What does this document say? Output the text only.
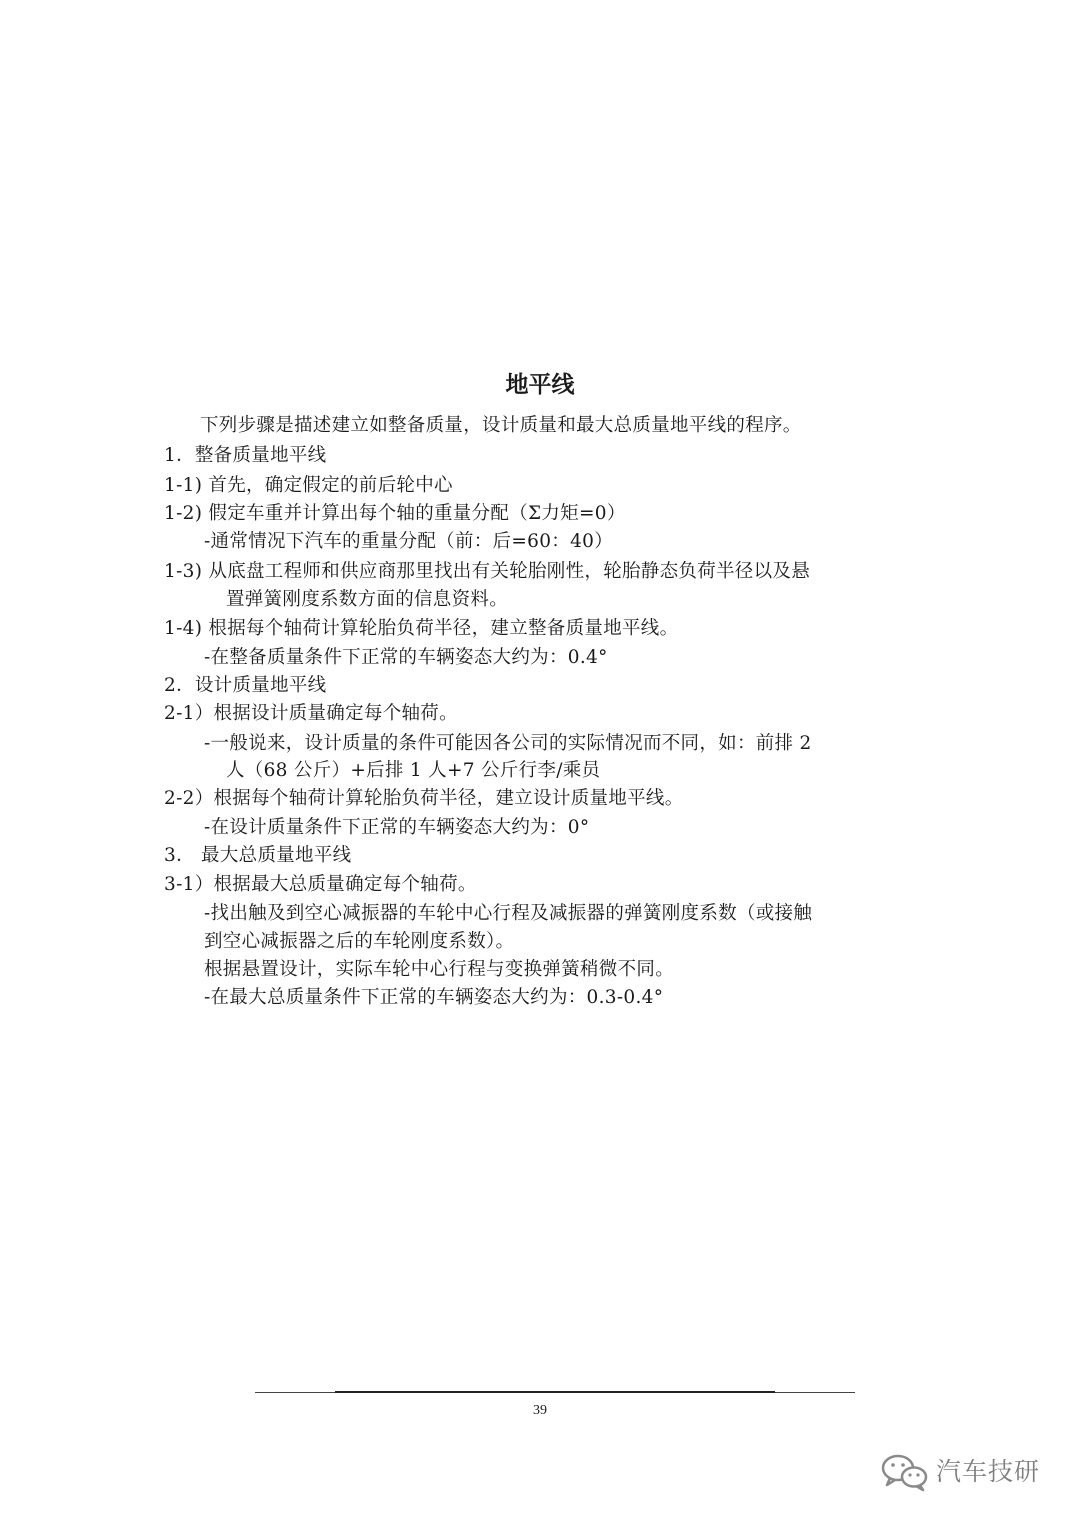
地平线
下列步骤是描述建立如整备质量，设计质量和最大总质量地平线的程序。
1．整备质量地平线
1-1) 首先，确定假定的前后轮中心
1-2) 假定车重并计算出每个轴的重量分配（Σ力矩=0）
-通常情况下汽车的重量分配（前：后=60：40）
1-3) 从底盘工程师和供应商那里找出有关轮胎刚性，轮胎静态负荷半径以及悬
置弹簧刚度系数方面的信息资料。
1-4) 根据每个轴荷计算轮胎负荷半径，建立整备质量地平线。
-在整备质量条件下正常的车辆姿态大约为：0.4°
2．设计质量地平线
2-1）根据设计质量确定每个轴荷。
-一般说来，设计质量的条件可能因各公司的实际情况而不同，如：前排 2
人（68 公斤）+后排 1 人+7 公斤行李/乘员
2-2）根据每个轴荷计算轮胎负荷半径，建立设计质量地平线。
-在设计质量条件下正常的车辆姿态大约为：0°
3． 最大总质量地平线
3-1）根据最大总质量确定每个轴荷。
-找出触及到空心减振器的车轮中心行程及减振器的弹簧刚度系数（或接触
到空心减振器之后的车轮刚度系数）。
根据悬置设计，实际车轮中心行程与变换弹簧稍微不同。
-在最大总质量条件下正常的车辆姿态大约为：0.3-0.4°
39
汽车技研
